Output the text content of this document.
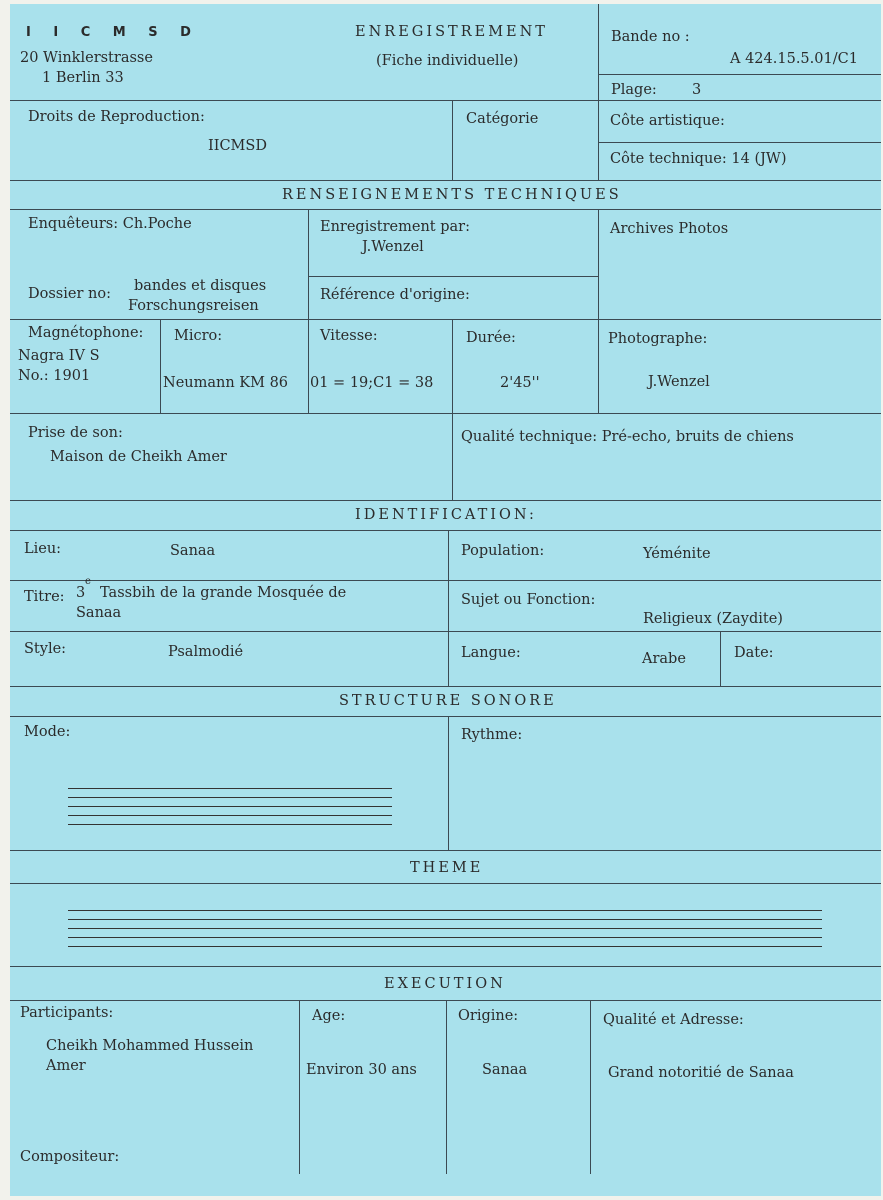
I I C M S D
20 Winklerstrasse
1 Berlin 33
ENREGISTREMENT
(Fiche individuelle)
Bande no :
A 424.15.5.01/C1
Plage: 3
Droits de Reproduction:
IICMSD
Catégorie	Côte artistique:
Côte technique: 14 (JW)
RENSEIGNEMENTS TECHNIQUES
Enquêteurs: Ch.Poche	Enregistrement par:
J.Wenzel
Archives Photos
Dossier no: bandes et disques
Forschungsreisen
Référence d'origine:
Magnétophone:
Nagra IV S
No.: 1901
Micro:
Neumann KM 86
Vitesse:
01 = 19;C1 = 38
Durée:
2'45''
Photographe:
J.Wenzel
Prise de son:
Maison de Cheikh Amer
Qualité technique: Pré-echo, bruits de chiens
IDENTIFICATION:
Lieu:	Sanaa	Population:	Yéménite
Titre: 3
e
Tassbih de la grande Mosquée de
Sanaa
Sujet ou Fonction:
Religieux (Zaydite)
Style:	Psalmodié	Langue:	Arabe	Date:
STRUCTURE SONORE
Mode:	Rythme:
THEME
EXECUTION
Participants:
Cheikh Mohammed Hussein
Amer
Age:
Environ 30 ans
Origine:
Sanaa
Qualité et Adresse:
Grand notoritié de Sanaa
Compositeur:
